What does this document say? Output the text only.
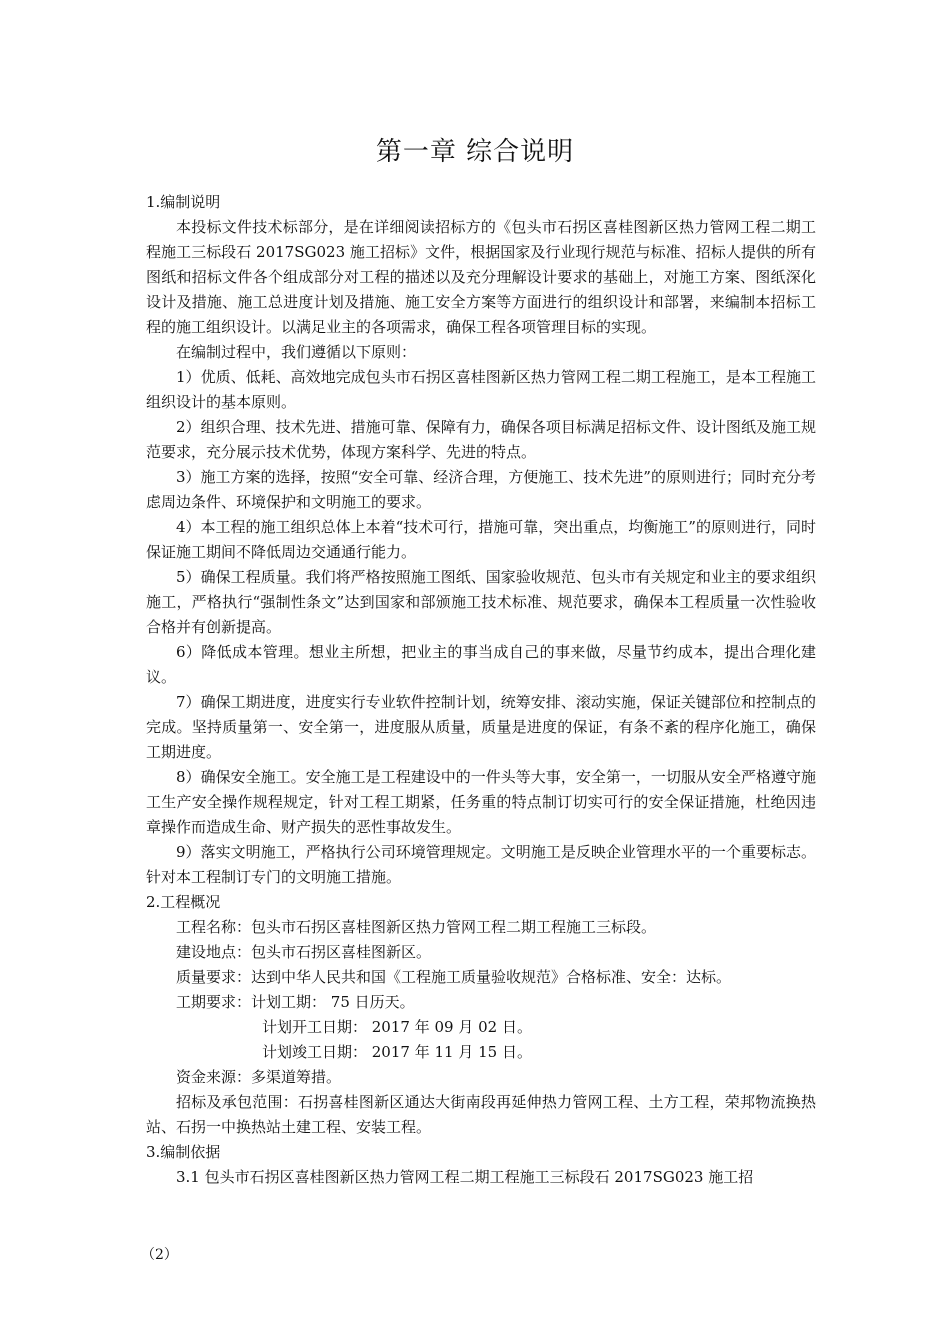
第一章 综合说明

1.编制说明

本投标文件技术标部分，是在详细阅读招标方的《包头市石拐区喜桂图新区热力管网工程二期工程施工三标段石 2017SG023 施工招标》文件，根据国家及行业现行规范与标准、招标人提供的所有图纸和招标文件各个组成部分对工程的描述以及充分理解设计要求的基础上，对施工方案、图纸深化设计及措施、施工总进度计划及措施、施工安全方案等方面进行的组织设计和部署，来编制本招标工程的施工组织设计。以满足业主的各项需求，确保工程各项管理目标的实现。

在编制过程中，我们遵循以下原则：

1）优质、低耗、高效地完成包头市石拐区喜桂图新区热力管网工程二期工程施工，是本工程施工组织设计的基本原则。

2）组织合理、技术先进、措施可靠、保障有力，确保各项目标满足招标文件、设计图纸及施工规范要求，充分展示技术优势，体现方案科学、先进的特点。

3）施工方案的选择，按照“安全可靠、经济合理，方便施工、技术先进”的原则进行；同时充分考虑周边条件、环境保护和文明施工的要求。

4）本工程的施工组织总体上本着“技术可行，措施可靠，突出重点，均衡施工”的原则进行，同时保证施工期间不降低周边交通通行能力。

5）确保工程质量。我们将严格按照施工图纸、国家验收规范、包头市有关规定和业主的要求组织施工，严格执行“强制性条文”达到国家和部颁施工技术标准、规范要求，确保本工程质量一次性验收合格并有创新提高。

6）降低成本管理。想业主所想，把业主的事当成自己的事来做，尽量节约成本，提出合理化建议。

7）确保工期进度，进度实行专业软件控制计划，统筹安排、滚动实施，保证关键部位和控制点的完成。坚持质量第一、安全第一，进度服从质量，质量是进度的保证，有条不紊的程序化施工，确保工期进度。

8）确保安全施工。安全施工是工程建设中的一件头等大事，安全第一，一切服从安全严格遵守施工生产安全操作规程规定，针对工程工期紧，任务重的特点制订切实可行的安全保证措施，杜绝因违章操作而造成生命、财产损失的恶性事故发生。

9）落实文明施工，严格执行公司环境管理规定。文明施工是反映企业管理水平的一个重要标志。针对本工程制订专门的文明施工措施。

2.工程概况

工程名称：包头市石拐区喜桂图新区热力管网工程二期工程施工三标段。

建设地点：包头市石拐区喜桂图新区。

质量要求：达到中华人民共和国《工程施工质量验收规范》合格标准、安全：达标。

工期要求：计划工期： 75 日历天。

计划开工日期： 2017 年 09 月 02 日。

计划竣工日期： 2017 年 11 月 15 日。

资金来源：多渠道筹措。

招标及承包范围：石拐喜桂图新区通达大街南段再延伸热力管网工程、土方工程，荣邦物流换热站、石拐一中换热站土建工程、安装工程。

3.编制依据

3.1 包头市石拐区喜桂图新区热力管网工程二期工程施工三标段石 2017SG023 施工招

（2）
